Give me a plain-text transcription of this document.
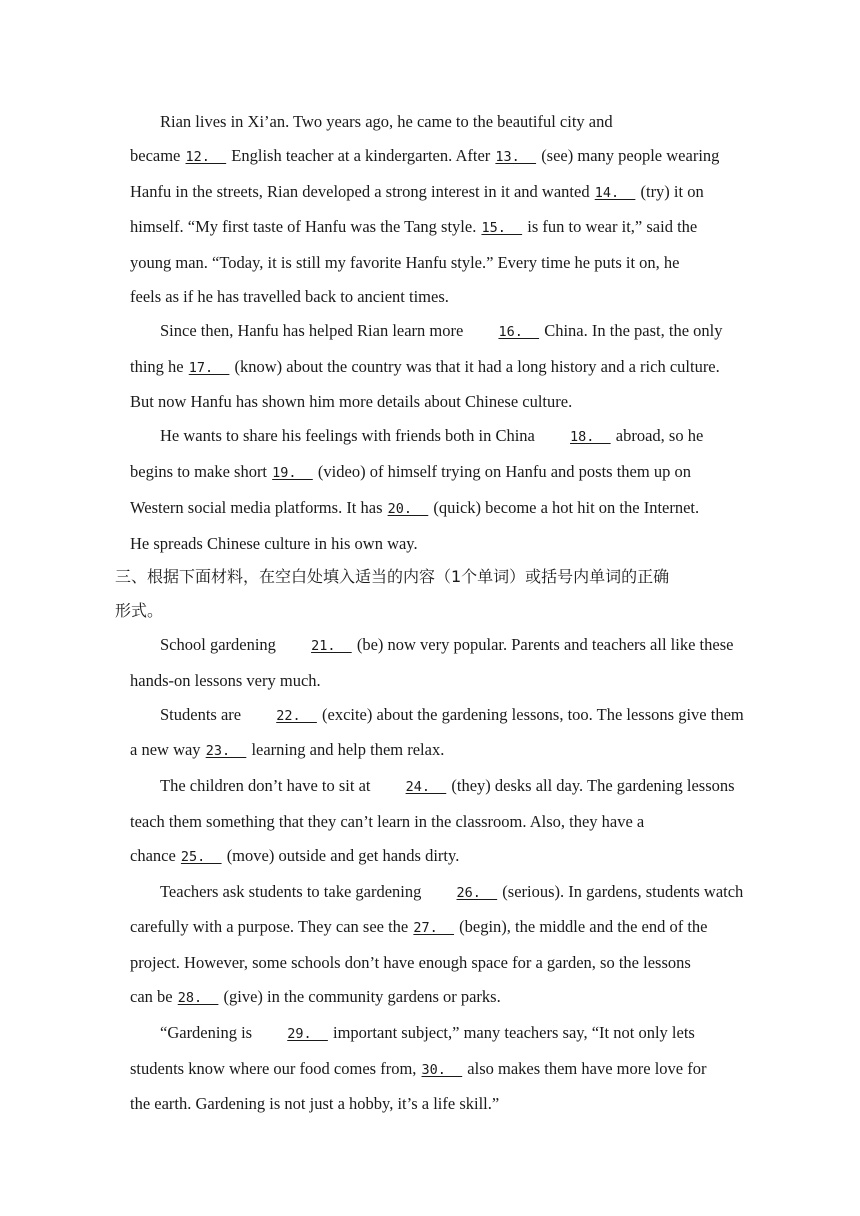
Rian lives in Xi’an. Two years ago, he came to the beautiful city and
became 12.   English teacher at a kindergarten. After 13.   (see) many people wearing
Hanfu in the streets, Rian developed a strong interest in it and wanted 14.   (try) it on
himself. “My first taste of Hanfu was the Tang style. 15.   is fun to wear it,” said the
young man. “Today, it is still my favorite Hanfu style.” Every time he puts it on, he
feels as if he has travelled back to ancient times.
Since then, Hanfu has helped Rian learn more 16.   China. In the past, the only
thing he 17.   (know) about the country was that it had a long history and a rich culture.
But now Hanfu has shown him more details about Chinese culture.
He wants to share his feelings with friends both in China 18.   abroad, so he
begins to make short 19.   (video) of himself trying on Hanfu and posts them up on
Western social media platforms. It has 20.   (quick) become a hot hit on the Internet.
He spreads Chinese culture in his own way.
三、根据下面材料，在空白处填入适当的内容（1个单词）或括号内单词的正确
形式。
School gardening 21.   (be) now very popular. Parents and teachers all like these
hands-on lessons very much.
Students are 22.   (excite) about the gardening lessons, too. The lessons give them
a new way 23.   learning and help them relax.
The children don’t have to sit at 24.   (they) desks all day. The gardening lessons
teach them something that they can’t learn in the classroom. Also, they have a
chance 25.   (move) outside and get hands dirty.
Teachers ask students to take gardening 26.   (serious). In gardens, students watch
carefully with a purpose. They can see the 27.   (begin), the middle and the end of the
project. However, some schools don’t have enough space for a garden, so the lessons
can be 28.   (give) in the community gardens or parks.
“Gardening is 29.   important subject,” many teachers say, “It not only lets
students know where our food comes from, 30.   also makes them have more love for
the earth. Gardening is not just a hobby, it’s a life skill.”
